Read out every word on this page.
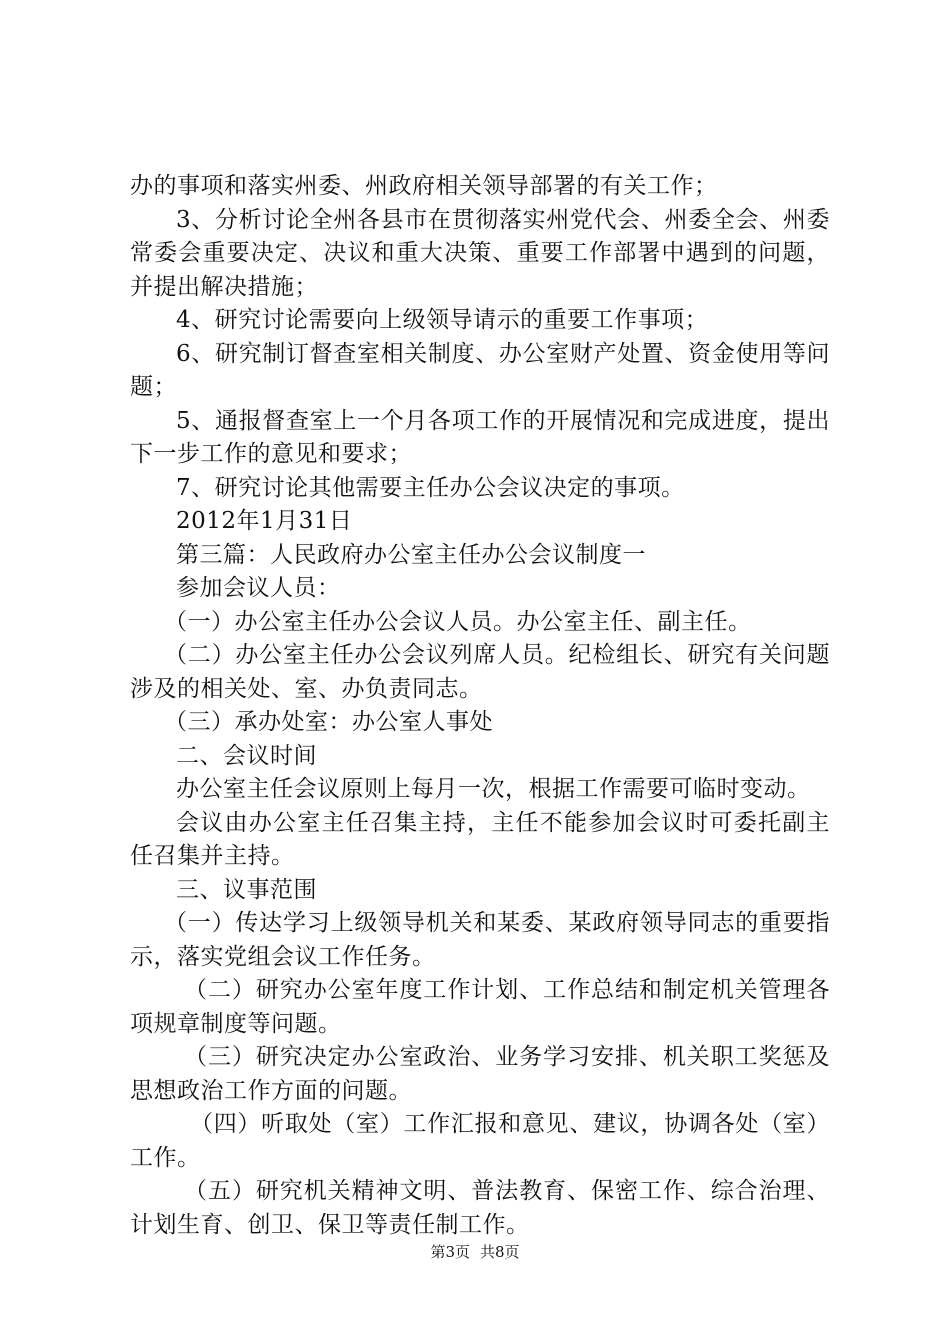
办的事项和落实州委、州政府相关领导部署的有关工作；

3、分析讨论全州各县市在贯彻落实州党代会、州委全会、州委常委会重要决定、决议和重大决策、重要工作部署中遇到的问题，并提出解决措施；

4、研究讨论需要向上级领导请示的重要工作事项；

6、研究制订督查室相关制度、办公室财产处置、资金使用等问题；

5、通报督查室上一个月各项工作的开展情况和完成进度，提出下一步工作的意见和要求；

7、研究讨论其他需要主任办公会议决定的事项。

2012年1月31日

第三篇：人民政府办公室主任办公会议制度一

参加会议人员：

（一）办公室主任办公会议人员。办公室主任、副主任。

（二）办公室主任办公会议列席人员。纪检组长、研究有关问题涉及的相关处、室、办负责同志。

（三）承办处室：办公室人事处

二、会议时间

办公室主任会议原则上每月一次，根据工作需要可临时变动。

会议由办公室主任召集主持，主任不能参加会议时可委托副主任召集并主持。

三、议事范围

（一）传达学习上级领导机关和某委、某政府领导同志的重要指示，落实党组会议工作任务。

（二）研究办公室年度工作计划、工作总结和制定机关管理各项规章制度等问题。

（三）研究决定办公室政治、业务学习安排、机关职工奖惩及思想政治工作方面的问题。

（四）听取处（室）工作汇报和意见、建议，协调各处（室）工作。

（五）研究机关精神文明、普法教育、保密工作、综合治理、计划生育、创卫、保卫等责任制工作。

第3页 共8页
